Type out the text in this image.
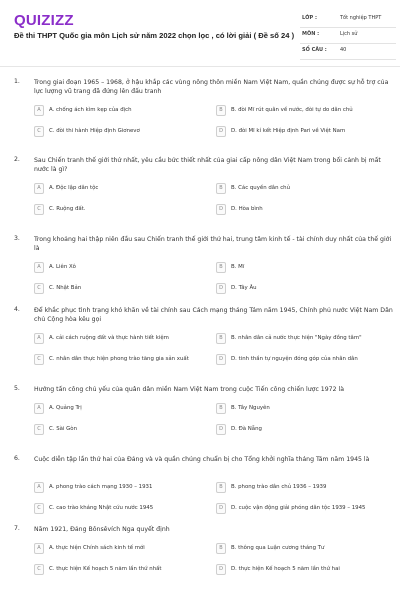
QUIZIZZ
Đề thi THPT Quốc gia môn Lịch sử năm 2022 chọn lọc , có lời giải ( Đề số 24 )
LỚP :	Tốt nghiệp THPT
MÔN :	Lịch sử
SỐ CÂU :	40
1. Trong giai đoạn 1965 – 1968, ở hậu khắp các vùng nông thôn miền Nam Việt Nam, quần chúng được sự hỗ trợ của lực lượng vũ trang đã đứng lên đấu tranh
A	A. chống ách kìm kẹp của địch	B	B. đòi Mĩ rút quân về nước, đòi tự do dân chủ
C	C. đòi thi hành Hiệp định Giơnevơ	D	D. đòi Mĩ kí kết Hiệp định Pari về Việt Nam
2. Sau Chiến tranh thế giới thứ nhất, yêu cầu bức thiết nhất của giai cấp nông dân Việt Nam trong bối cảnh bị mất nước là gì?
A	A. Độc lập dân tộc	B	B. Các quyền dân chủ
C	C. Ruộng đất.	D	D. Hòa bình
3. Trong khoảng hai thập niên đầu sau Chiến tranh thế giới thứ hai, trung tâm kinh tế - tài chính duy nhất của thế giới là
A	A. Liên Xô	B	B. Mĩ
C	C. Nhật Bản	D	D. Tây Âu
4. Để khắc phục tình trạng khó khăn về tài chính sau Cách mạng tháng Tám năm 1945, Chính phủ nước Việt Nam Dân chủ Cộng hòa kêu gọi
A	A. cải cách ruộng đất và thực hành tiết kiệm	B	B. nhân dân cả nước thực hiện "Ngày đồng tâm"
C	C. nhân dân thực hiện phong trào tăng gia sản xuất	D	D. tinh thần tự nguyện đóng góp của nhân dân
5. Hướng tấn công chủ yếu của quân dân miền Nam Việt Nam trong cuộc Tiến công chiến lược 1972 là
A	A. Quảng Trị	B	B. Tây Nguyên
C	C. Sài Gòn	D	D. Đà Nẵng
6. Cuộc diễn tập lần thứ hai của Đảng và và quần chúng chuẩn bị cho Tổng khởi nghĩa tháng Tám năm 1945 là
A	A. phong trào cách mạng 1930 – 1931	B	B. phong trào dân chủ 1936 – 1939
C	C. cao trào kháng Nhật cứu nước 1945	D	D. cuộc vận động giải phóng dân tộc 1939 – 1945
7. Năm 1921, Đảng Bônsêvích Nga quyết định
A	A. thực hiện Chính sách kinh tế mới	B	B. thông qua Luận cương tháng Tư
C	C. thực hiện Kế hoạch 5 năm lần thứ nhất	D	D. thực hiện Kế hoạch 5 năm lần thứ hai
